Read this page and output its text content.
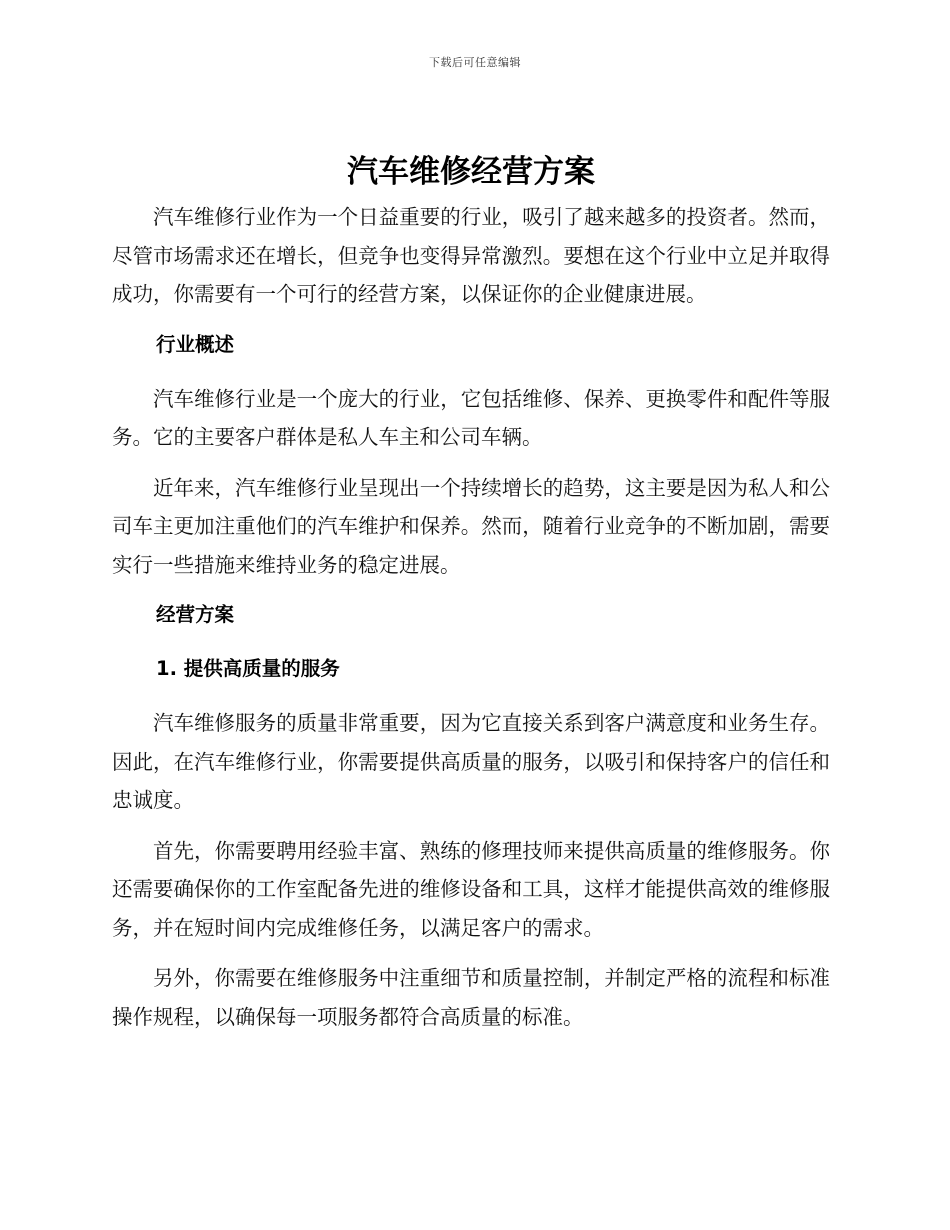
下载后可任意编辑
汽车维修经营方案

汽车维修行业作为一个日益重要的行业，吸引了越来越多的投资者。然而，尽管市场需求还在增长，但竞争也变得异常激烈。要想在这个行业中立足并取得成功，你需要有一个可行的经营方案，以保证你的企业健康进展。

行业概述

汽车维修行业是一个庞大的行业，它包括维修、保养、更换零件和配件等服务。它的主要客户群体是私人车主和公司车辆。

近年来，汽车维修行业呈现出一个持续增长的趋势，这主要是因为私人和公司车主更加注重他们的汽车维护和保养。然而，随着行业竞争的不断加剧，需要实行一些措施来维持业务的稳定进展。

经营方案
1. 提供高质量的服务

汽车维修服务的质量非常重要，因为它直接关系到客户满意度和业务生存。因此，在汽车维修行业，你需要提供高质量的服务，以吸引和保持客户的信任和忠诚度。

首先，你需要聘用经验丰富、熟练的修理技师来提供高质量的维修服务。你还需要确保你的工作室配备先进的维修设备和工具，这样才能提供高效的维修服务，并在短时间内完成维修任务，以满足客户的需求。

另外，你需要在维修服务中注重细节和质量控制，并制定严格的流程和标准操作规程，以确保每一项服务都符合高质量的标准。
